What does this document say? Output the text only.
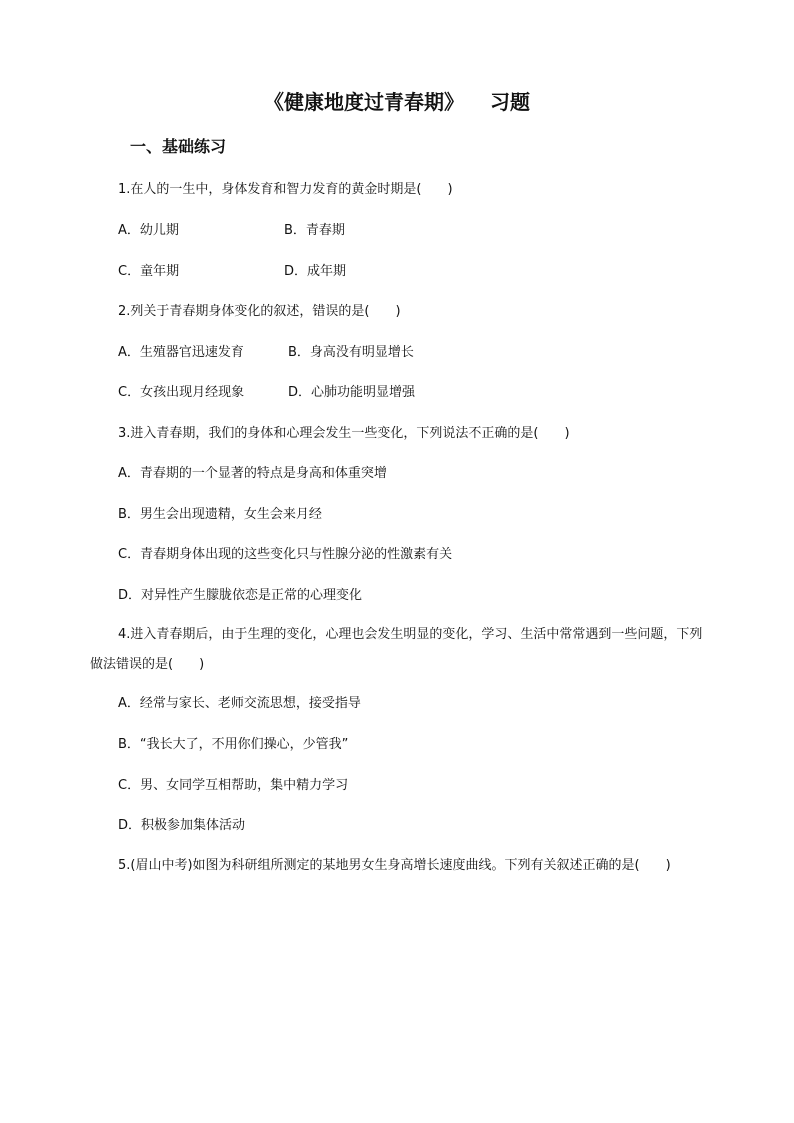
《健康地度过青春期》 习题
一、基础练习
1.在人的一生中，身体发育和智力发育的黄金时期是(　　)
A．幼儿期	B．青春期
C．童年期	D．成年期
2.列关于青春期身体变化的叙述，错误的是(　　)
A．生殖器官迅速发育	B．身高没有明显增长
C．女孩出现月经现象	D．心肺功能明显增强
3.进入青春期，我们的身体和心理会发生一些变化，下列说法不正确的是(　　)
A．青春期的一个显著的特点是身高和体重突增
B．男生会出现遗精，女生会来月经
C．青春期身体出现的这些变化只与性腺分泌的性激素有关
D．对异性产生朦胧依恋是正常的心理变化
4.进入青春期后，由于生理的变化，心理也会发生明显的变化，学习、生活中常常遇到一些问题，下列做法错误的是(　　)
A．经常与家长、老师交流思想，接受指导
B．“我长大了，不用你们操心，少管我”
C．男、女同学互相帮助，集中精力学习
D．积极参加集体活动
5.(眉山中考)如图为科研组所测定的某地男女生身高增长速度曲线。下列有关叙述正确的是(　　)
